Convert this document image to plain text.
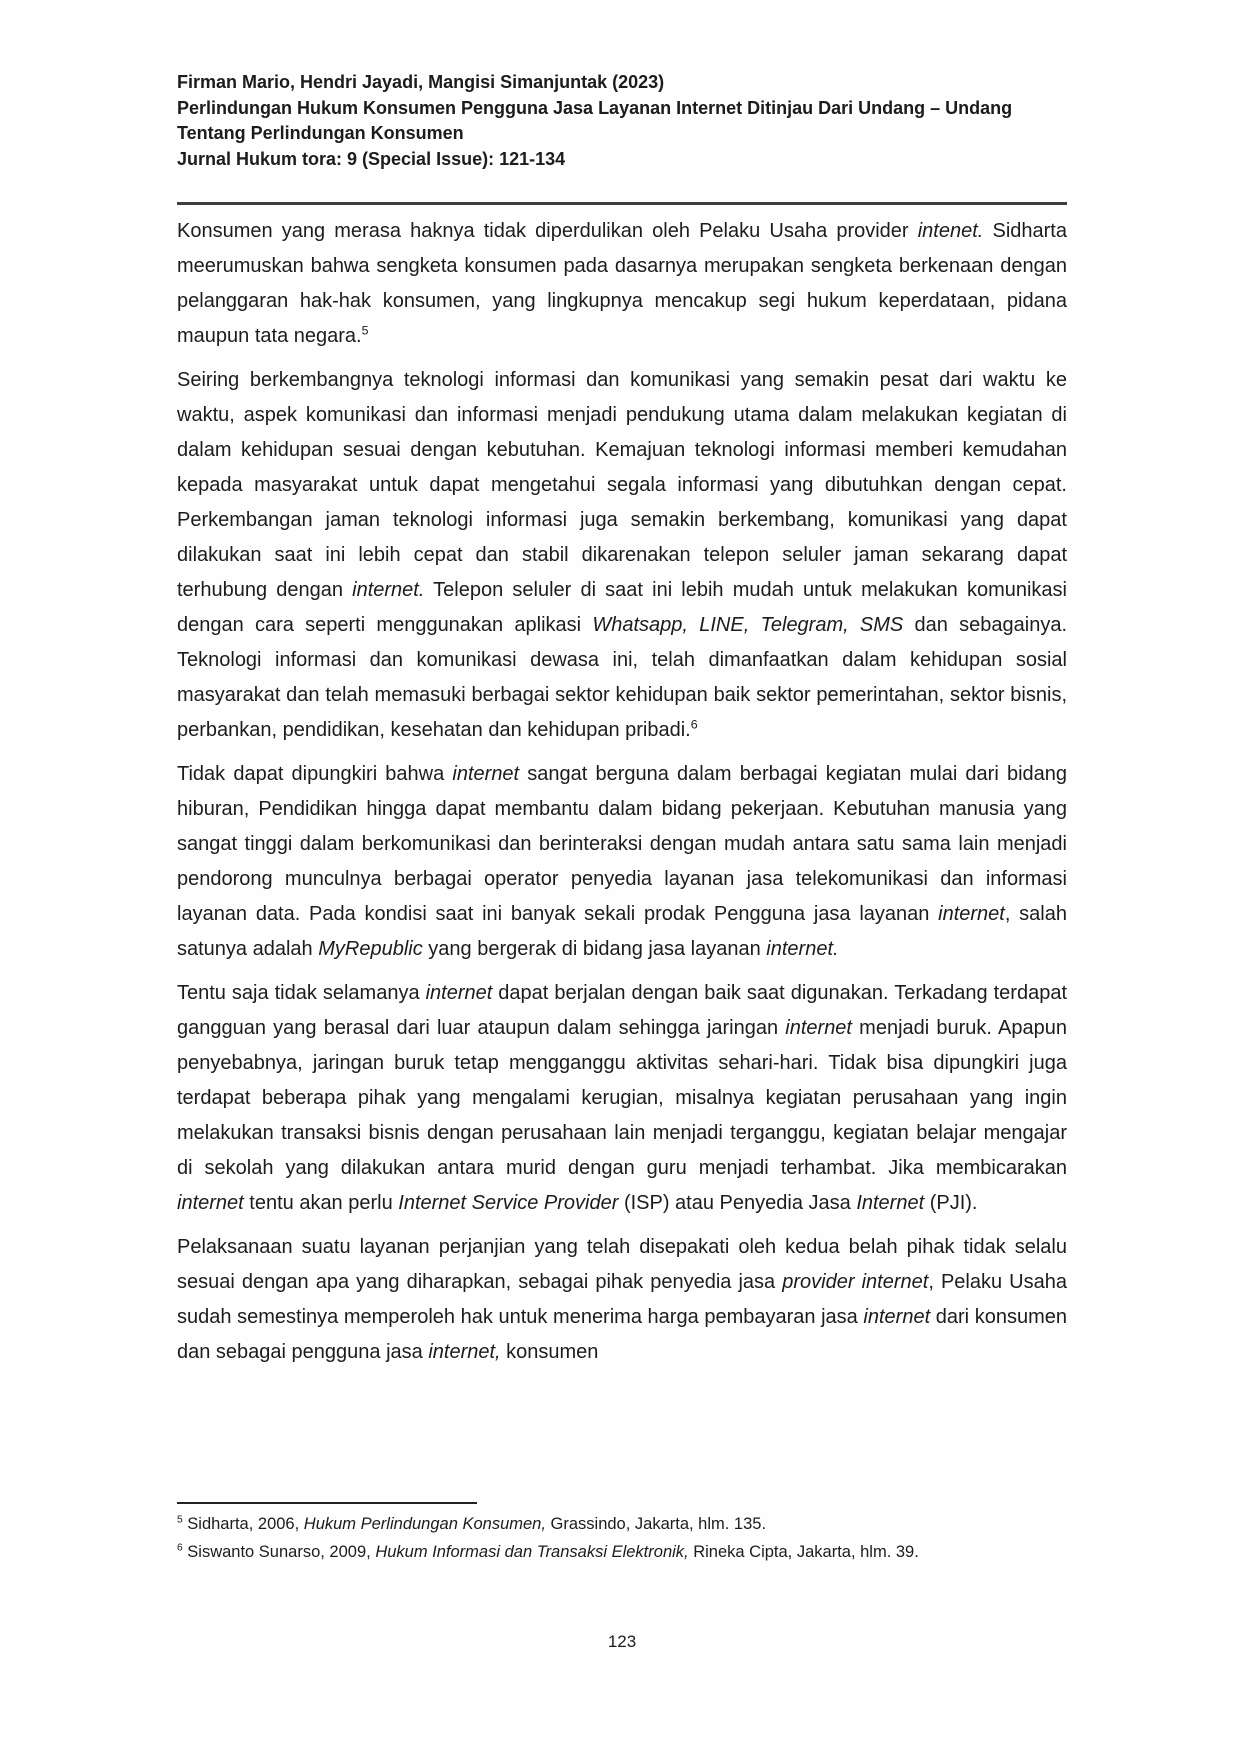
Firman Mario, Hendri Jayadi, Mangisi Simanjuntak (2023)
Perlindungan Hukum Konsumen Pengguna Jasa Layanan Internet Ditinjau Dari Undang – Undang Tentang Perlindungan Konsumen
Jurnal Hukum tora: 9 (Special Issue): 121-134

Konsumen yang merasa haknya tidak diperdulikan oleh Pelaku Usaha provider intenet. Sidharta meerumuskan bahwa sengketa konsumen pada dasarnya merupakan sengketa berkenaan dengan pelanggaran hak-hak konsumen, yang lingkupnya mencakup segi hukum keperdataan, pidana maupun tata negara.$^5$

Seiring berkembangnya teknologi informasi dan komunikasi yang semakin pesat dari waktu ke waktu, aspek komunikasi dan informasi menjadi pendukung utama dalam melakukan kegiatan di dalam kehidupan sesuai dengan kebutuhan. Kemajuan teknologi informasi memberi kemudahan kepada masyarakat untuk dapat mengetahui segala informasi yang dibutuhkan dengan cepat. Perkembangan jaman teknologi informasi juga semakin berkembang, komunikasi yang dapat dilakukan saat ini lebih cepat dan stabil dikarenakan telepon seluler jaman sekarang dapat terhubung dengan internet. Telepon seluler di saat ini lebih mudah untuk melakukan komunikasi dengan cara seperti menggunakan aplikasi Whatsapp, LINE, Telegram, SMS dan sebagainya. Teknologi informasi dan komunikasi dewasa ini, telah dimanfaatkan dalam kehidupan sosial masyarakat dan telah memasuki berbagai sektor kehidupan baik sektor pemerintahan, sektor bisnis, perbankan, pendidikan, kesehatan dan kehidupan pribadi.$^6$

Tidak dapat dipungkiri bahwa internet sangat berguna dalam berbagai kegiatan mulai dari bidang hiburan, Pendidikan hingga dapat membantu dalam bidang pekerjaan. Kebutuhan manusia yang sangat tinggi dalam berkomunikasi dan berinteraksi dengan mudah antara satu sama lain menjadi pendorong munculnya berbagai operator penyedia layanan jasa telekomunikasi dan informasi layanan data. Pada kondisi saat ini banyak sekali prodak Pengguna jasa layanan internet, salah satunya adalah MyRepublic yang bergerak di bidang jasa layanan internet.

Tentu saja tidak selamanya internet dapat berjalan dengan baik saat digunakan. Terkadang terdapat gangguan yang berasal dari luar ataupun dalam sehingga jaringan internet menjadi buruk. Apapun penyebabnya, jaringan buruk tetap mengganggu aktivitas sehari-hari. Tidak bisa dipungkiri juga terdapat beberapa pihak yang mengalami kerugian, misalnya kegiatan perusahaan yang ingin melakukan transaksi bisnis dengan perusahaan lain menjadi terganggu, kegiatan belajar mengajar di sekolah yang dilakukan antara murid dengan guru menjadi terhambat. Jika membicarakan internet tentu akan perlu Internet Service Provider (ISP) atau Penyedia Jasa Internet (PJI).

Pelaksanaan suatu layanan perjanjian yang telah disepakati oleh kedua belah pihak tidak selalu sesuai dengan apa yang diharapkan, sebagai pihak penyedia jasa provider internet, Pelaku Usaha sudah semestinya memperoleh hak untuk menerima harga pembayaran jasa internet dari konsumen dan sebagai pengguna jasa internet, konsumen

$^5$ Sidharta, 2006, Hukum Perlindungan Konsumen, Grassindo, Jakarta, hlm. 135.
$^6$ Siswanto Sunarso, 2009, Hukum Informasi dan Transaksi Elektronik, Rineka Cipta, Jakarta, hlm. 39.
123
